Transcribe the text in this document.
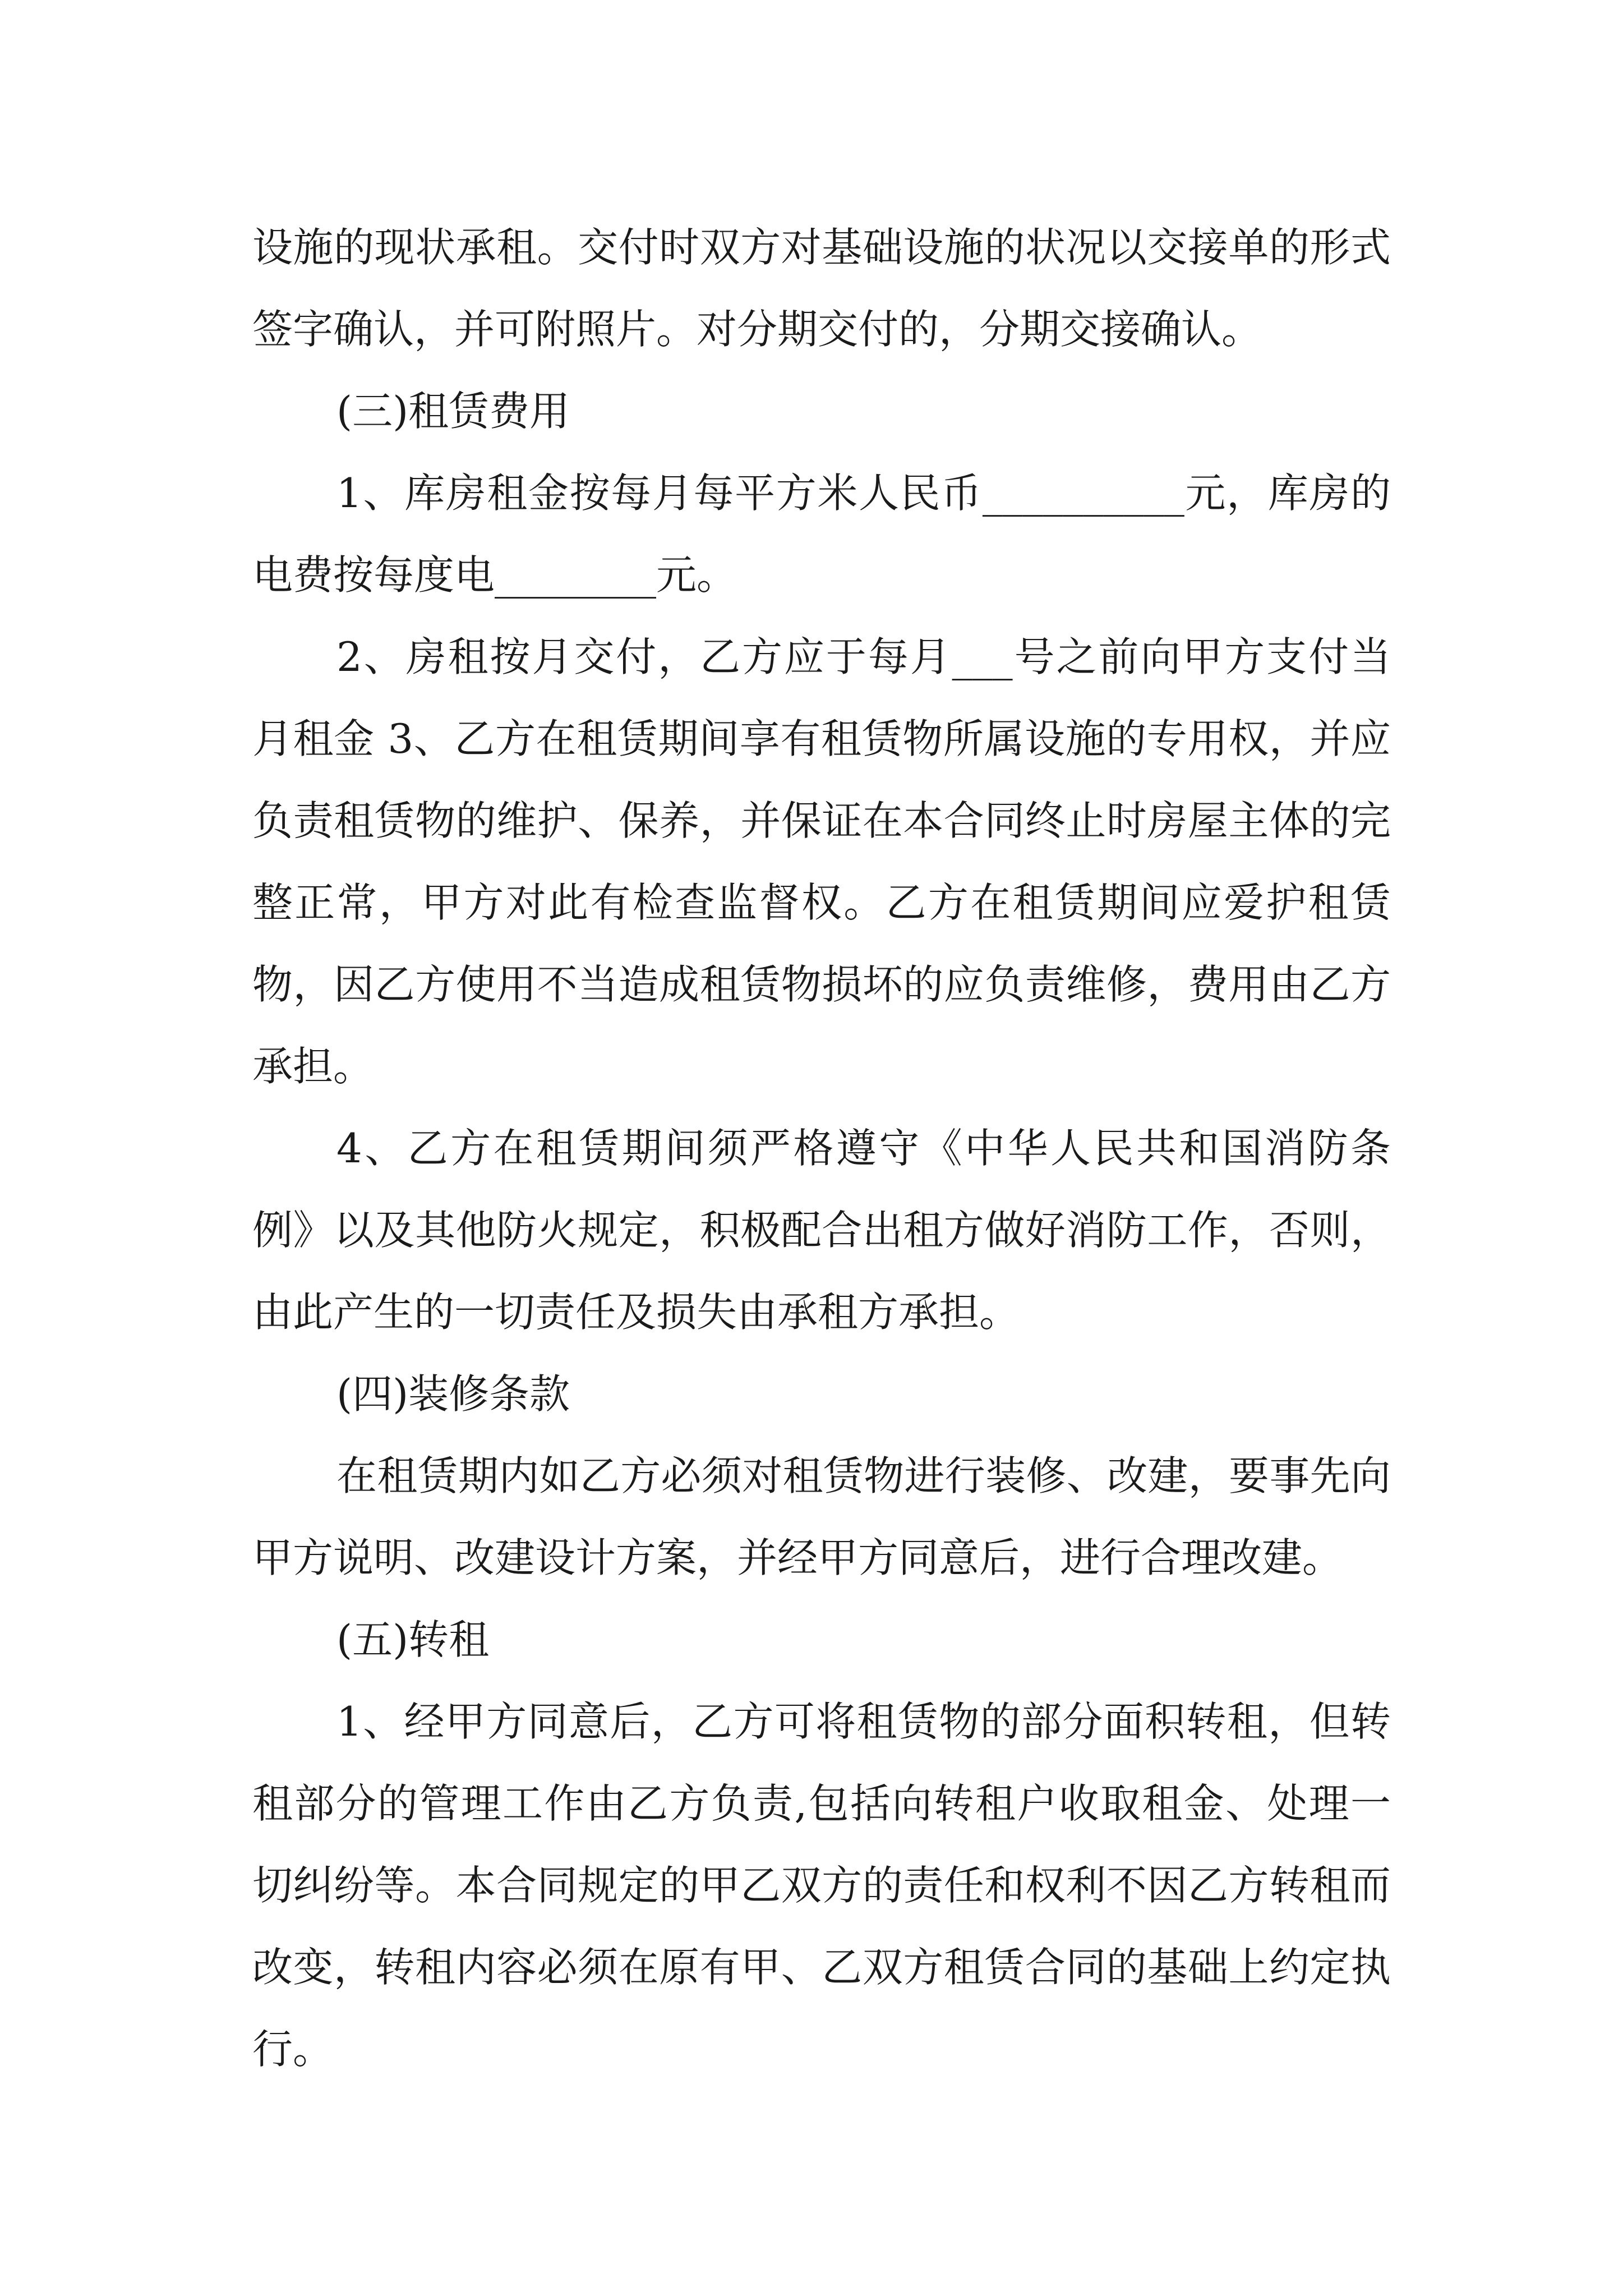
设施的现状承租。交付时双方对基础设施的状况以交接单的形式签字确认，并可附照片。对分期交付的，分期交接确认。

(三)租赁费用

1、库房租金按每月每平方米人民币__________元，库房的电费按每度电________元。

2、房租按月交付，乙方应于每月___号之前向甲方支付当月租金 3、乙方在租赁期间享有租赁物所属设施的专用权，并应负责租赁物的维护、保养，并保证在本合同终止时房屋主体的完整正常，甲方对此有检查监督权。乙方在租赁期间应爱护租赁物，因乙方使用不当造成租赁物损坏的应负责维修，费用由乙方承担。

4、乙方在租赁期间须严格遵守《中华人民共和国消防条例》以及其他防火规定，积极配合出租方做好消防工作，否则，由此产生的一切责任及损失由承租方承担。

(四)装修条款

在租赁期内如乙方必须对租赁物进行装修、改建，要事先向甲方说明、改建设计方案，并经甲方同意后，进行合理改建。

(五)转租

1、经甲方同意后，乙方可将租赁物的部分面积转租，但转租部分的管理工作由乙方负责,包括向转租户收取租金、处理一切纠纷等。本合同规定的甲乙双方的责任和权利不因乙方转租而改变，转租内容必须在原有甲、乙双方租赁合同的基础上约定执行。
